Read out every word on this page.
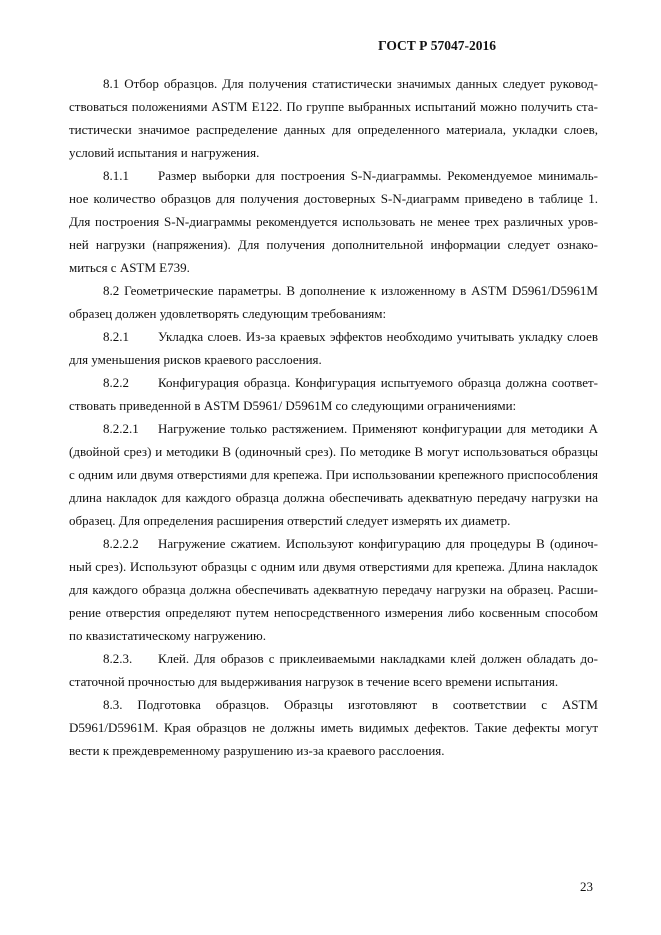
ГОСТ Р 57047-2016
8.1 Отбор образцов. Для получения статистически значимых данных следует руковод-
ствоваться положениями ASTM E122. По группе выбранных испытаний можно получить ста-
тистически значимое распределение данных для определенного материала, укладки слоев,
условий испытания и нагружения.
8.1.1 Размер выборки для построения S-N-диаграммы. Рекомендуемое минималь-
ное количество образцов для получения достоверных S-N-диаграмм приведено в таблице 1.
Для построения S-N-диаграммы рекомендуется использовать не менее трех различных уров-
ней нагрузки (напряжения). Для получения дополнительной информации следует ознако-
миться с ASTM E739.
8.2 Геометрические параметры. В дополнение к изложенному в ASTM D5961/D5961M
образец должен удовлетворять следующим требованиям:
8.2.1 Укладка слоев. Из-за краевых эффектов необходимо учитывать укладку слоев
для уменьшения рисков краевого расслоения.
8.2.2 Конфигурация образца. Конфигурация испытуемого образца должна соответ-
ствовать приведенной в ASTM D5961/ D5961M со следующими ограничениями:
8.2.2.1 Нагружение только растяжением. Применяют конфигурации для методики А
(двойной срез) и методики В (одиночный срез). По методике В могут использоваться образцы
с одним или двумя отверстиями для крепежа. При использовании крепежного приспособления
длина накладок для каждого образца должна обеспечивать адекватную передачу нагрузки на
образец. Для определения расширения отверстий следует измерять их диаметр.
8.2.2.2 Нагружение сжатием. Используют конфигурацию для процедуры В (одиноч-
ный срез). Используют образцы с одним или двумя отверстиями для крепежа. Длина накладок
для каждого образца должна обеспечивать адекватную передачу нагрузки на образец. Расши-
рение отверстия определяют путем непосредственного измерения либо косвенным способом
по квазистатическому нагружению.
8.2.3. Клей. Для образов с приклеиваемыми накладками клей должен обладать до-
статочной прочностью для выдерживания нагрузок в течение всего времени испытания.
8.3. Подготовка образцов. Образцы изготовляют в соответствии с ASTM
D5961/D5961M. Края образцов не должны иметь видимых дефектов. Такие дефекты могут
вести к преждевременному разрушению из-за краевого расслоения.
23
